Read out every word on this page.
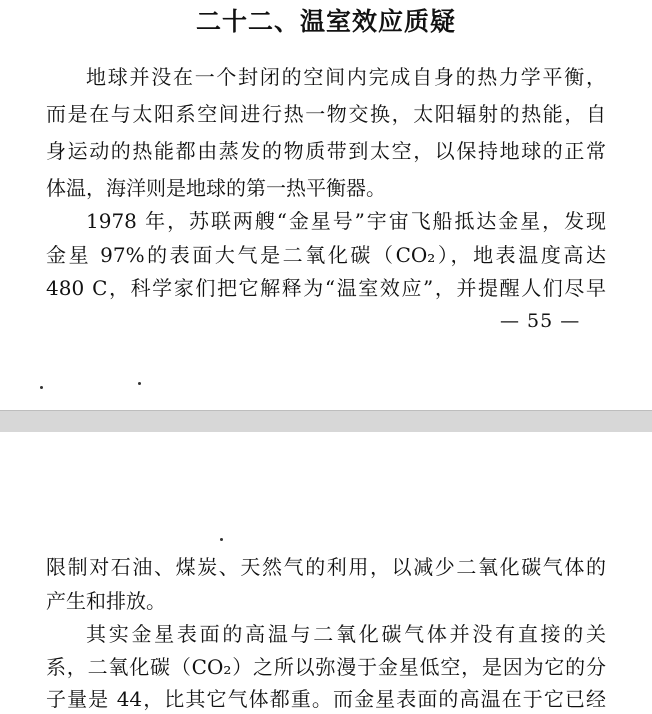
二十二、温室效应质疑
地球并没在一个封闭的空间内完成自身的热力学平衡，
而是在与太阳系空间进行热一物交换，太阳辐射的热能，自
身运动的热能都由蒸发的物质带到太空，以保持地球的正常
体温，海洋则是地球的第一热平衡器。
1978 年，苏联两艘“金星号”宇宙飞船抵达金星，发现
金星 97%的表面大气是二氧化碳（CO₂），地表温度高达
480 C，科学家们把它解释为“温室效应”，并提醒人们尽早
— 55 —
限制对石油、煤炭、天然气的利用，以减少二氧化碳气体的
产生和排放。
其实金星表面的高温与二氧化碳气体并没有直接的关
系，二氧化碳（CO₂）之所以弥漫于金星低空，是因为它的分
子量是 44，比其它气体都重。而金星表面的高温在于它已经
